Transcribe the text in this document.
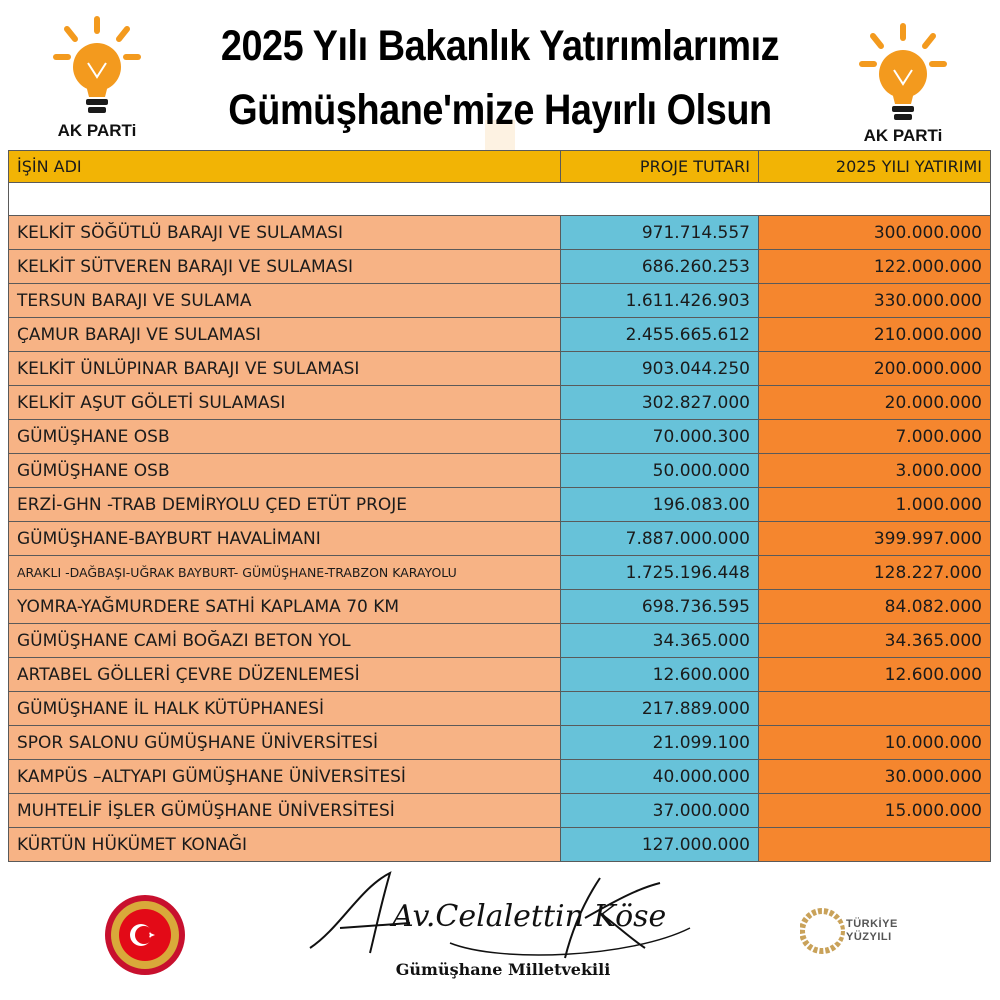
AK PARTi	AK PARTi
2025 Yılı Bakanlık Yatırımlarımız
Gümüşhane'mize Hayırlı Olsun
İŞİN ADI	PROJE TUTARI	2025 YILI YATIRIMI

KELKİT SÖĞÜTLÜ BARAJI VE SULAMASI	971.714.557	300.000.000
KELKİT SÜTVEREN BARAJI VE SULAMASI	686.260.253	122.000.000
TERSUN BARAJI VE SULAMA	1.611.426.903	330.000.000
ÇAMUR BARAJI VE SULAMASI	2.455.665.612	210.000.000
KELKİT ÜNLÜPINAR BARAJI VE SULAMASI	903.044.250	200.000.000
KELKİT AŞUT GÖLETİ SULAMASI	302.827.000	20.000.000
GÜMÜŞHANE OSB	70.000.300	7.000.000
GÜMÜŞHANE OSB	50.000.000	3.000.000
ERZİ-GHN -TRAB DEMİRYOLU ÇED ETÜT PROJE	196.083.00	1.000.000
GÜMÜŞHANE-BAYBURT HAVALİMANI	7.887.000.000	399.997.000
ARAKLI -DAĞBAŞI-UĞRAK BAYBURT- GÜMÜŞHANE-TRABZON KARAYOLU	1.725.196.448	128.227.000
YOMRA-YAĞMURDERE SATHİ KAPLAMA 70 KM	698.736.595	84.082.000
GÜMÜŞHANE CAMİ BOĞAZI BETON YOL	34.365.000	34.365.000
ARTABEL GÖLLERİ ÇEVRE DÜZENLEMESİ	12.600.000	12.600.000
GÜMÜŞHANE İL HALK KÜTÜPHANESİ	217.889.000	
SPOR SALONU GÜMÜŞHANE ÜNİVERSİTESİ	21.099.100	10.000.000
KAMPÜS –ALTYAPI GÜMÜŞHANE ÜNİVERSİTESİ	40.000.000	30.000.000
MUHTELİF İŞLER GÜMÜŞHANE ÜNİVERSİTESİ	37.000.000	15.000.000
KÜRTÜN HÜKÜMET KONAĞI	127.000.000	
Av.Celalettin Köse
Gümüşhane Milletvekili
TÜRKİYE
YÜZYILI
